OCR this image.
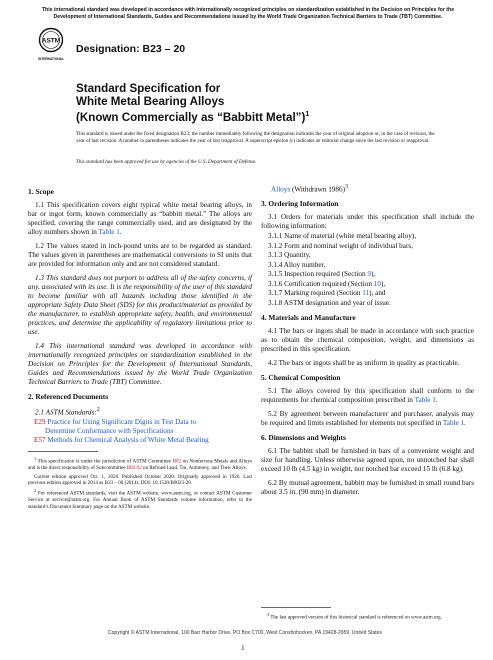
This international standard was developed in accordance with internationally recognized principles on standardization established in the Decision on Principles for the Development of International Standards, Guides and Recommendations issued by the World Trade Organization Technical Barriers to Trade (TBT) Committee.
ASTM
INTERNATIONAL
Designation: B23 – 20
Standard Specification for
White Metal Bearing Alloys
(Known Commercially as “Babbitt Metal”)$^1$
This standard is issued under the fixed designation B23; the number immediately following the designation indicates the year of original adoption or, in the case of revision, the year of last revision. A number in parentheses indicates the year of last reapproval. A superscript epsilon (ε) indicates an editorial change since the last revision or reapproval.
This standard has been approved for use by agencies of the U.S. Department of Defense.
1. Scope

1.1 This specification covers eight typical white metal bearing alloys, in bar or ingot form, known commercially as “babbitt metal.” The alloys are specified, covering the range commercially used, and are designated by the alloy numbers shown in Table 1.

1.2 The values stated in inch-pound units are to be regarded as standard. The values given in parentheses are mathematical conversions to SI units that are provided for information only and are not considered standard.

1.3 This standard does not purport to address all of the safety concerns, if any, associated with its use. It is the responsibility of the user of this standard to become familiar with all hazards including those identified in the appropriate Safety Data Sheet (SDS) for this product/material as provided by the manufacturer, to establish appropriate safety, health, and environmental practices, and determine the applicability of regulatory limitations prior to use.

1.4 This international standard was developed in accordance with internationally recognized principles on standardization established in the Decision on Principles for the Development of International Standards, Guides and Recommendations issued by the World Trade Organization Technical Barriers to Trade (TBT) Committee.

2. Referenced Documents

2.1 ASTM Standards:$^2$

E29 Practice for Using Significant Digits in Test Data to
Determine Conformance with Specifications
E57 Methods for Chemical Analysis of White Metal Bearing

$^1$ This specification is under the jurisdiction of ASTM Committee B02 on Nonferrous Metals and Alloys and is the direct responsibility of Subcommittee B02.02 on Refined Lead, Tin, Antimony, and Their Alloys.

Current edition approved Oct. 1, 2020. Published October 2020. Originally approved in 1926. Last previous edition approved in 2014 as B23 – 00 (2014). DOI: 10.1520/B0023-20.

$^2$ For referenced ASTM standards, visit the ASTM website, www.astm.org, or contact ASTM Customer Service at service@astm.org. For Annual Book of ASTM Standards volume information, refer to the standard’s Document Summary page on the ASTM website.

Alloys (Withdrawn 1986)$^3$

3. Ordering Information

3.1 Orders for materials under this specification shall include the following information:

3.1.1 Name of material (white metal bearing alloy),

3.1.2 Form and nominal weight of individual bars,

3.1.3 Quantity,

3.1.4 Alloy number,

3.1.5 Inspection required (Section 9),

3.1.6 Certification required (Section 10),

3.1.7 Marking required (Section 11), and

3.1.8 ASTM designation and year of issue.

4. Materials and Manufacture

4.1 The bars or ingots shall be made in accordance with such practice as to obtain the chemical composition, weight, and dimensions as prescribed in this specification.

4.2 The bars or ingots shall be as uniform in quality as practicable.

5. Chemical Composition

5.1 The alloys covered by this specification shall conform to the requirements for chemical composition prescribed in Table 1.

5.2 By agreement between manufacturer and purchaser, analysis may be required and limits established for elements not specified in Table 1.

6. Dimensions and Weights

6.1 The babbitt shall be furnished in bars of a convenient weight and size for handling. Unless otherwise agreed upon, no unnotched bar shall exceed 10 lb (4.5 kg) in weight, nor notched bar exceed 15 lb (6.8 kg).

6.2 By mutual agreement, babbitt may be furnished in small round bars about 3.5 in. (90 mm) in diameter.

$^3$ The last approved version of this historical standard is referenced on www.astm.org.

Copyright © ASTM International, 100 Barr Harbor Drive, PO Box C700, West Conshohocken, PA 19428-2959. United States
1
